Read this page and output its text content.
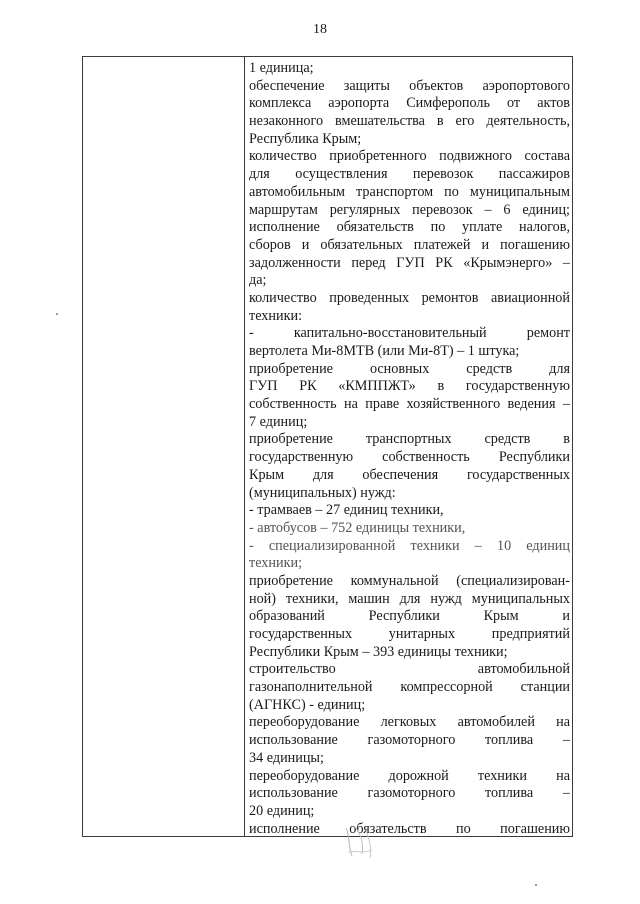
18
1 единица;
обеспечение защиты объектов аэропортового
комплекса аэропорта Симферополь от актов
незаконного вмешательства в его деятельность,
Республика Крым;
количество приобретенного подвижного состава
для осуществления перевозок пассажиров
автомобильным транспортом по муниципальным
маршрутам регулярных перевозок – 6 единиц;
исполнение обязательств по уплате налогов,
сборов и обязательных платежей и погашению
задолженности перед ГУП РК «Крымэнерго» –
да;
количество проведенных ремонтов авиационной
техники:
- капитально-восстановительный ремонт
вертолета Ми-8МТВ (или Ми-8Т) – 1 штука;
приобретение основных средств для
ГУП РК «КМППЖТ» в государственную
собственность на праве хозяйственного ведения –
7 единиц;
приобретение транспортных средств в
государственную собственность Республики
Крым для обеспечения государственных
(муниципальных) нужд:
- трамваев – 27 единиц техники,
- автобусов – 752 единицы техники,
- специализированной техники – 10 единиц
техники;
приобретение коммунальной (специализирован-
ной) техники, машин для нужд муниципальных
образований Республики Крым и
государственных унитарных предприятий
Республики Крым – 393 единицы техники;
строительство автомобильной
газонаполнительной компрессорной станции
(АГНКС) - единиц;
переоборудование легковых автомобилей на
использование газомоторного топлива –
34 единицы;
переоборудование дорожной техники на
использование газомоторного топлива –
20 единиц;
исполнение обязательств по погашению
